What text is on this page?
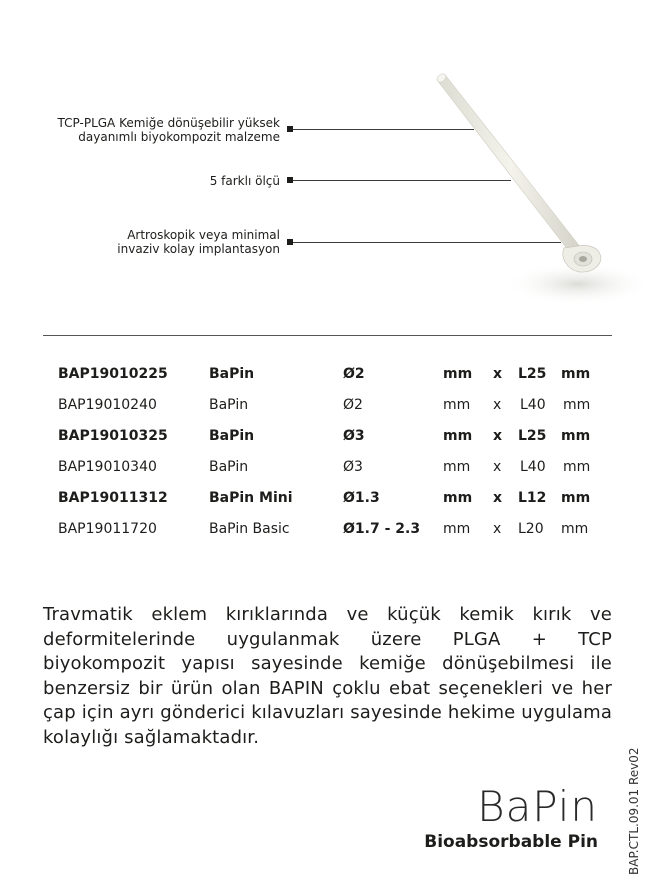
TCP-PLGA Kemiğe dönüşebilir yüksek
dayanımlı biyokompozit malzeme
5 farklı ölçü
Artroskopik veya minimal
invaziv kolay implantasyon
BAP19010225	BaPin	Ø2	mm x L25 mm
BAP19010240	BaPin	Ø2	mm x L40 mm
BAP19010325	BaPin	Ø3	mm x L25 mm
BAP19010340	BaPin	Ø3	mm x L40 mm
BAP19011312	BaPin Mini	Ø1.3	mm x L12 mm
BAP19011720	BaPin Basic	Ø1.7 - 2.3 mm x L20 mm

Travmatik eklem kırıklarında ve küçük kemik kırık ve deformitelerinde uygulanmak üzere PLGA + TCP biyokompozit yapısı sayesinde kemiğe dönüşebilmesi ile benzersiz bir ürün olan BAPIN çoklu ebat seçenekleri ve her çap için ayrı gönderici kılavuzları sayesinde hekime uygulama kolaylığı sağlamaktadır.

BaPin
Bioabsorbable Pin BAP.CTL.09.01 Rev02
